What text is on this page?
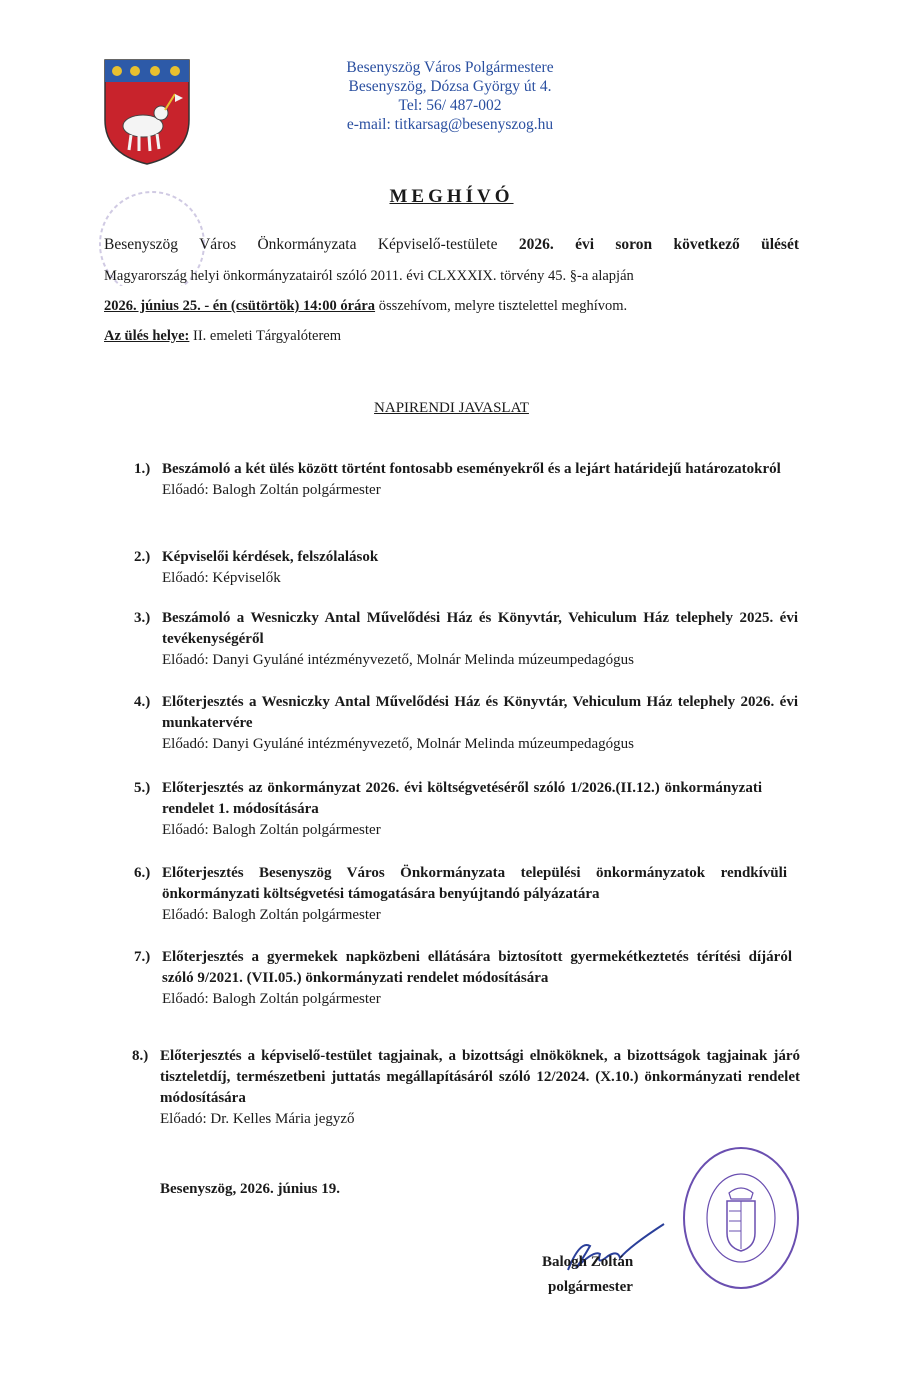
Besenyszög Város Polgármestere
Besenyszög, Dózsa György út 4.
Tel: 56/ 487-002
e-mail: titkarsag@besenyszog.hu
MEGHÍVÓ
Besenyszög Város Önkormányzata Képviselő-testülete 2026. évi soron következő ülését
Magyarország helyi önkormányzatairól szóló 2011. évi CLXXXIX. törvény 45. §-a alapján
2026. június 25. - én (csütörtök) 14:00 órára összehívom, melyre tisztelettel meghívom.
Az ülés helye: II. emeleti Tárgyalóterem
NAPIRENDI JAVASLAT
1.) Beszámoló a két ülés között történt fontosabb eseményekről és a lejárt határidejű határozatokról
Előadó: Balogh Zoltán polgármester
2.) Képviselői kérdések, felszólalások
Előadó: Képviselők
3.) Beszámoló a Wesniczky Antal Művelődési Ház és Könyvtár, Vehiculum Ház telephely 2025. évi tevékenységéről
Előadó: Danyi Gyuláné intézményvezető, Molnár Melinda múzeumpedagógus
4.) Előterjesztés a Wesniczky Antal Művelődési Ház és Könyvtár, Vehiculum Ház telephely 2026. évi munkatervére
Előadó: Danyi Gyuláné intézményvezető, Molnár Melinda múzeumpedagógus
5.) Előterjesztés az önkormányzat 2026. évi költségvetéséről szóló 1/2026.(II.12.) önkormányzati rendelet 1. módosítására
Előadó: Balogh Zoltán polgármester
6.) Előterjesztés Besenyszög Város Önkormányzata települési önkormányzatok rendkívüli önkormányzati költségvetési támogatására benyújtandó pályázatára
Előadó: Balogh Zoltán polgármester
7.) Előterjesztés a gyermekek napközbeni ellátására biztosított gyermekétkeztetés térítési díjáról szóló 9/2021. (VII.05.) önkormányzati rendelet módosítására
Előadó: Balogh Zoltán polgármester
8.) Előterjesztés a képviselő-testület tagjainak, a bizottsági elnököknek, a bizottságok tagjainak járó tiszteletdíj, természetbeni juttatás megállapításáról szóló 12/2024. (X.10.) önkormányzati rendelet módosítására
Előadó: Dr. Kelles Mária jegyző
Besenyszög, 2026. június 19.
Balogh Zoltán
polgármester
